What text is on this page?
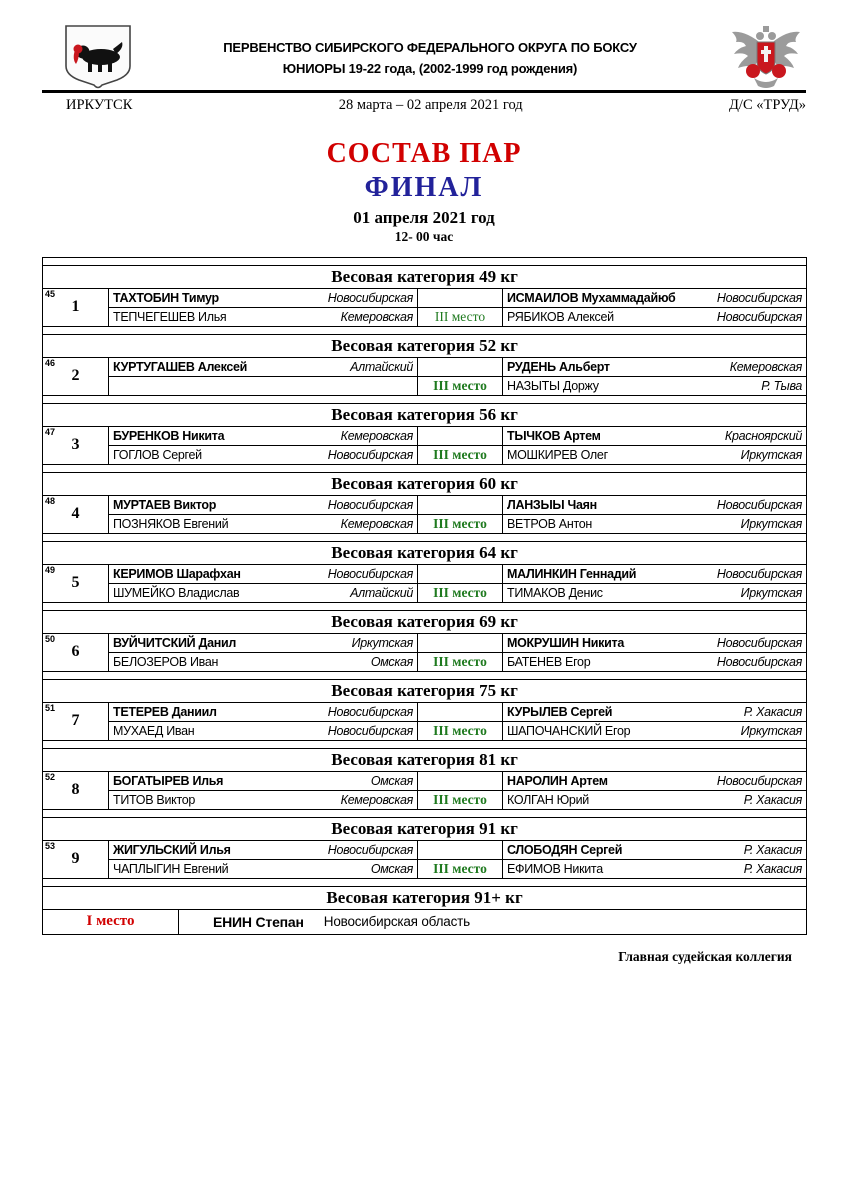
ПЕРВЕНСТВО СИБИРСКОГО ФЕДЕРАЛЬНОГО ОКРУГА ПО БОКСУ
ЮНИОРЫ 19-22 года, (2002-1999 год рождения)
ИРКУТСК	28 марта – 02 апреля 2021 год	Д/С «ТРУД»
СОСТАВ ПАР
ФИНАЛ
01 апреля 2021 год
12- 00 час

Весовая категория 49 кг				

45
1	ТАХТОБИН Тимур Новосибирская			ИСМАИЛОВ Мухаммадайюб Новосибирская

	ТЕПЧЕГЕШЕВ Илья Кемеровская		III место	РЯБИКОВ Алексей Новосибирская

Весовая категория 52 кг				

46
2	КУРТУГАШЕВ Алексей Алтайский			РУДЕНЬ Альберт Кемеровская

			III место	НАЗЫТЫ Доржу Р. Тыва

Весовая категория 56 кг				

47
3	БУРЕНКОВ Никита Кемеровская			ТЫЧКОВ Артем Красноярский

	ГОГЛОВ Сергей Новосибирская		III место	МОШКИРЕВ Олег Иркутская

Весовая категория 60 кг				

48
4	МУРТАЕВ Виктор Новосибирская			ЛАНЗЫЫ Чаян Новосибирская

	ПОЗНЯКОВ Евгений Кемеровская		III место	ВЕТРОВ Антон Иркутская

Весовая категория 64 кг				

49
5	КЕРИМОВ Шарафхан Новосибирская			МАЛИНКИН Геннадий Новосибирская

	ШУМЕЙКО Владислав Алтайский		III место	ТИМАКОВ Денис Иркутская

Весовая категория 69 кг				

50
6	ВУЙЧИТСКИЙ Данил Иркутская			МОКРУШИН Никита Новосибирская

	БЕЛОЗЕРОВ Иван Омская		III место	БАТЕНЕВ Егор Новосибирская

Весовая категория 75 кг				

51
7	ТЕТЕРЕВ Даниил Новосибирская			КУРЫЛЕВ Сергей Р. Хакасия

	МУХАЕД Иван Новосибирская		III место	ШАПОЧАНСКИЙ Егор Иркутская

Весовая категория 81 кг				

52
8	БОГАТЫРЕВ Илья Омская			НАРОЛИН Артем Новосибирская

	ТИТОВ Виктор Кемеровская		III место	КОЛГАН Юрий Р. Хакасия

Весовая категория 91 кг				

53
9	ЖИГУЛЬСКИЙ Илья Новосибирская			СЛОБОДЯН Сергей Р. Хакасия

	ЧАПЛЫГИН Евгений Омская		III место	ЕФИМОВ Никита Р. Хакасия

Весовая категория 91+ кг				
I место		ЕНИН Степан Новосибирская область		
Главная судейская коллегия
